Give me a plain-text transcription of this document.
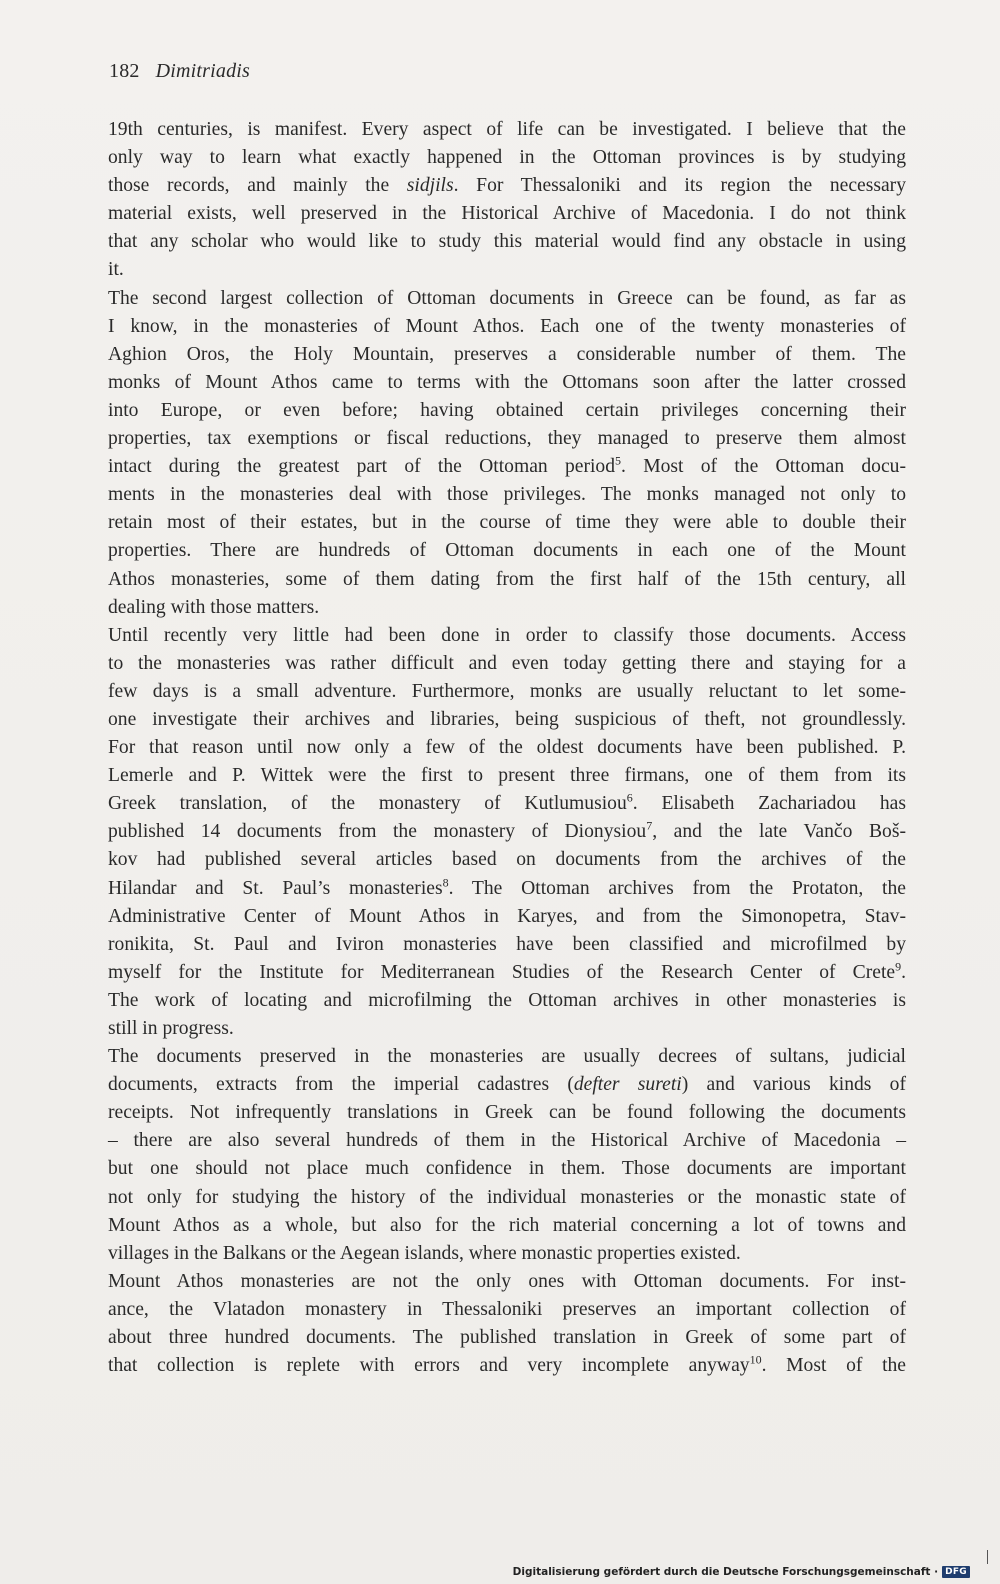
182 Dimitriadis
19th centuries, is manifest. Every aspect of life can be investigated. I believe that the
only way to learn what exactly happened in the Ottoman provinces is by studying
those records, and mainly the sidjils. For Thessaloniki and its region the necessary
material exists, well preserved in the Historical Archive of Macedonia. I do not think
that any scholar who would like to study this material would find any obstacle in using
it.
The second largest collection of Ottoman documents in Greece can be found, as far as
I know, in the monasteries of Mount Athos. Each one of the twenty monasteries of
Aghion Oros, the Holy Mountain, preserves a considerable number of them. The
monks of Mount Athos came to terms with the Ottomans soon after the latter crossed
into Europe, or even before; having obtained certain privileges concerning their
properties, tax exemptions or fiscal reductions, they managed to preserve them almost
intact during the greatest part of the Ottoman period$^5$. Most of the Ottoman docu-
ments in the monasteries deal with those privileges. The monks managed not only to
retain most of their estates, but in the course of time they were able to double their
properties. There are hundreds of Ottoman documents in each one of the Mount
Athos monasteries, some of them dating from the first half of the 15th century, all
dealing with those matters.
Until recently very little had been done in order to classify those documents. Access
to the monasteries was rather difficult and even today getting there and staying for a
few days is a small adventure. Furthermore, monks are usually reluctant to let some-
one investigate their archives and libraries, being suspicious of theft, not groundlessly.
For that reason until now only a few of the oldest documents have been published. P.
Lemerle and P. Wittek were the first to present three firmans, one of them from its
Greek translation, of the monastery of Kutlumusiou$^6$. Elisabeth Zachariadou has
published 14 documents from the monastery of Dionysiou$^7$, and the late Vančo Boš-
kov had published several articles based on documents from the archives of the
Hilandar and St. Paul’s monasteries$^8$. The Ottoman archives from the Protaton, the
Administrative Center of Mount Athos in Karyes, and from the Simonopetra, Stav-
ronikita, St. Paul and Iviron monasteries have been classified and microfilmed by
myself for the Institute for Mediterranean Studies of the Research Center of Crete$^9$.
The work of locating and microfilming the Ottoman archives in other monasteries is
still in progress.
The documents preserved in the monasteries are usually decrees of sultans, judicial
documents, extracts from the imperial cadastres (defter sureti) and various kinds of
receipts. Not infrequently translations in Greek can be found following the documents
– there are also several hundreds of them in the Historical Archive of Macedonia –
but one should not place much confidence in them. Those documents are important
not only for studying the history of the individual monasteries or the monastic state of
Mount Athos as a whole, but also for the rich material concerning a lot of towns and
villages in the Balkans or the Aegean islands, where monastic properties existed.
Mount Athos monasteries are not the only ones with Ottoman documents. For inst-
ance, the Vlatadon monastery in Thessaloniki preserves an important collection of
about three hundred documents. The published translation in Greek of some part of
that collection is replete with errors and very incomplete anyway$^{10}$. Most of the
Digitalisierung gefördert durch die Deutsche Forschungsgemeinschaft · DFG
